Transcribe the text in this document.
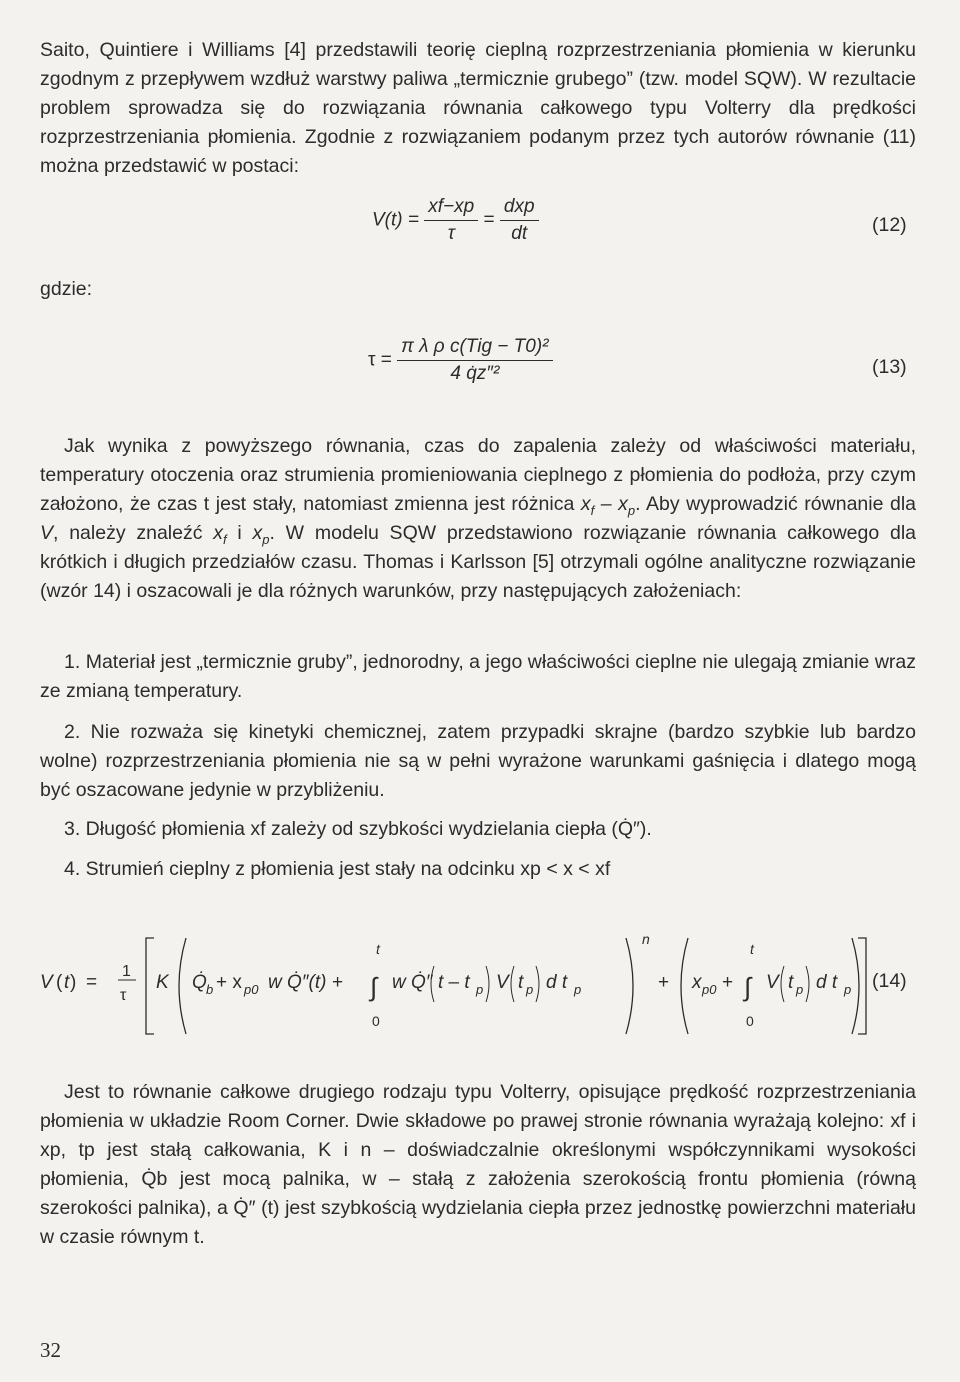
Saito, Quintiere i Williams [4] przedstawili teorię cieplną rozprzestrzeniania płomienia w kierunku zgodnym z przepływem wzdłuż warstwy paliwa „termicznie grubego” (tzw. model SQW). W rezultacie problem sprowadza się do rozwiązania równania całkowego typu Volterry dla prędkości rozprzestrzeniania płomienia. Zgodnie z rozwiązaniem podanym przez tych autorów równanie (11) można przedstawić w postaci:

$V(t) = \frac{xf-xp}{\tau} = \frac{\text{dxp}}{dt}$	(12)
gdzie:
$\tau = \frac{\text{π λ ρ c(Tig − T0)²}}{\text{4 q̇z″²}}$	(13)

Jak wynika z powyższego równania, czas do zapalenia zależy od właściwości materiału, temperatury otoczenia oraz strumienia promieniowania cieplnego z płomienia do podłoża, przy czym założono, że czas t jest stały, natomiast zmienna jest różnica $x_f - x_p$. Aby wyprowadzić równanie dla V, należy znaleźć $x_f$ i $x_p$. W modelu SQW przedstawiono rozwiązanie równania całkowego dla krótkich i długich przedziałów czasu. Thomas i Karlsson [5] otrzymali ogólne analityczne rozwiązanie (wzór 14) i oszacowali je dla różnych warunków, przy następujących założeniach:

1. Materiał jest „termicznie gruby”, jednorodny, a jego właściwości cieplne nie ulegają zmianie wraz ze zmianą temperatury.

2. Nie rozważa się kinetyki chemicznej, zatem przypadki skrajne (bardzo szybkie lub bardzo wolne) rozprzestrzeniania płomienia nie są w pełni wyrażone warunkami gaśnięcia i dlatego mogą być oszacowane jedynie w przybliżeniu.

3. Długość płomienia xf zależy od szybkości wydzielania ciepła (Q̇″).

4. Strumień cieplny z płomienia jest stały na odcinku xp < x < xf

V ( t ) =
1
τ
K Q̇ b + x p0 w Q̇″(t) + ∫
t
0
w Q̇″ t – t p V t p d t p
n
+ x p0 + ∫
t
0
V t p d t p (14)

Jest to równanie całkowe drugiego rodzaju typu Volterry, opisujące prędkość rozprzestrzeniania płomienia w układzie Room Corner. Dwie składowe po prawej stronie równania wyrażają kolejno: xf i xp, tp jest stałą całkowania, K i n – doświadczalnie określonymi współczynnikami wysokości płomienia, Q̇b jest mocą palnika, w – stałą z założenia szerokością frontu płomienia (równą szerokości palnika), a Q̇″ (t) jest szybkością wydzielania ciepła przez jednostkę powierzchni materiału w czasie równym t.

32
